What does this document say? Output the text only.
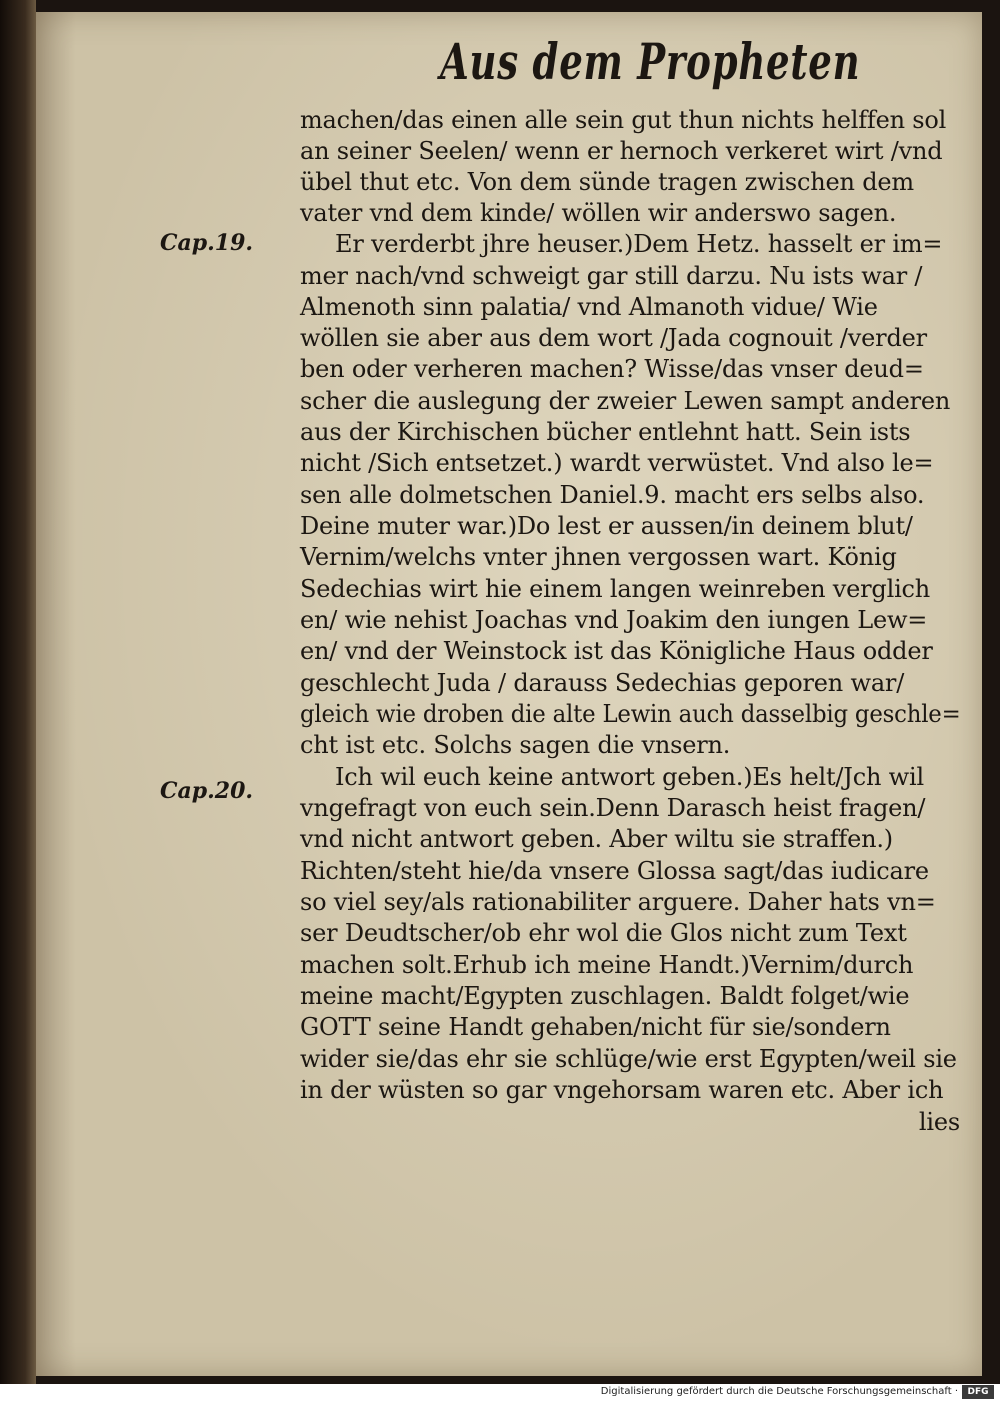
Aus dem Propheten
Cap.19.
Cap.20.
machen/das einen alle sein gut thun nichts helffen sol
an seiner Seelen/ wenn er hernoch verkeret wirt /vnd
übel thut etc. Von dem sünde tragen zwischen dem
vater vnd dem kinde/ wöllen wir anderswo sagen.
Er verderbt jhre heuser.)Dem Hetz. hasselt er im=
mer nach/vnd schweigt gar still darzu. Nu ists war /
Almenoth sinn palatia/ vnd Almanoth vidue/ Wie
wöllen sie aber aus dem wort /Jada cognouit /verder
ben oder verheren machen? Wisse/das vnser deud=
scher die auslegung der zweier Lewen sampt anderen
aus der Kirchischen bücher entlehnt hatt. Sein ists
nicht /Sich entsetzet.) wardt verwüstet. Vnd also le=
sen alle dolmetschen Daniel.9. macht ers selbs also.
Deine muter war.)Do lest er aussen/in deinem blut/
Vernim/welchs vnter jhnen vergossen wart. König
Sedechias wirt hie einem langen weinreben verglich
en/ wie nehist Joachas vnd Joakim den iungen Lew=
en/ vnd der Weinstock ist das Königliche Haus odder
geschlecht Juda / darauss Sedechias geporen war/
gleich wie droben die alte Lewin auch dasselbig geschle=
cht ist etc. Solchs sagen die vnsern.
Ich wil euch keine antwort geben.)Es helt/Jch wil
vngefragt von euch sein.Denn Darasch heist fragen/
vnd nicht antwort geben. Aber wiltu sie straffen.)
Richten/steht hie/da vnsere Glossa sagt/das iudicare
so viel sey/als rationabiliter arguere. Daher hats vn=
ser Deudtscher/ob ehr wol die Glos nicht zum Text
machen solt.Erhub ich meine Handt.)Vernim/durch
meine macht/Egypten zuschlagen. Baldt folget/wie
GOTT seine Handt gehaben/nicht für sie/sondern
wider sie/das ehr sie schlüge/wie erst Egypten/weil sie
in der wüsten so gar vngehorsam waren etc. Aber ich
lies
Digitalisierung gefördert durch die Deutsche Forschungsgemeinschaft ·	DFG
